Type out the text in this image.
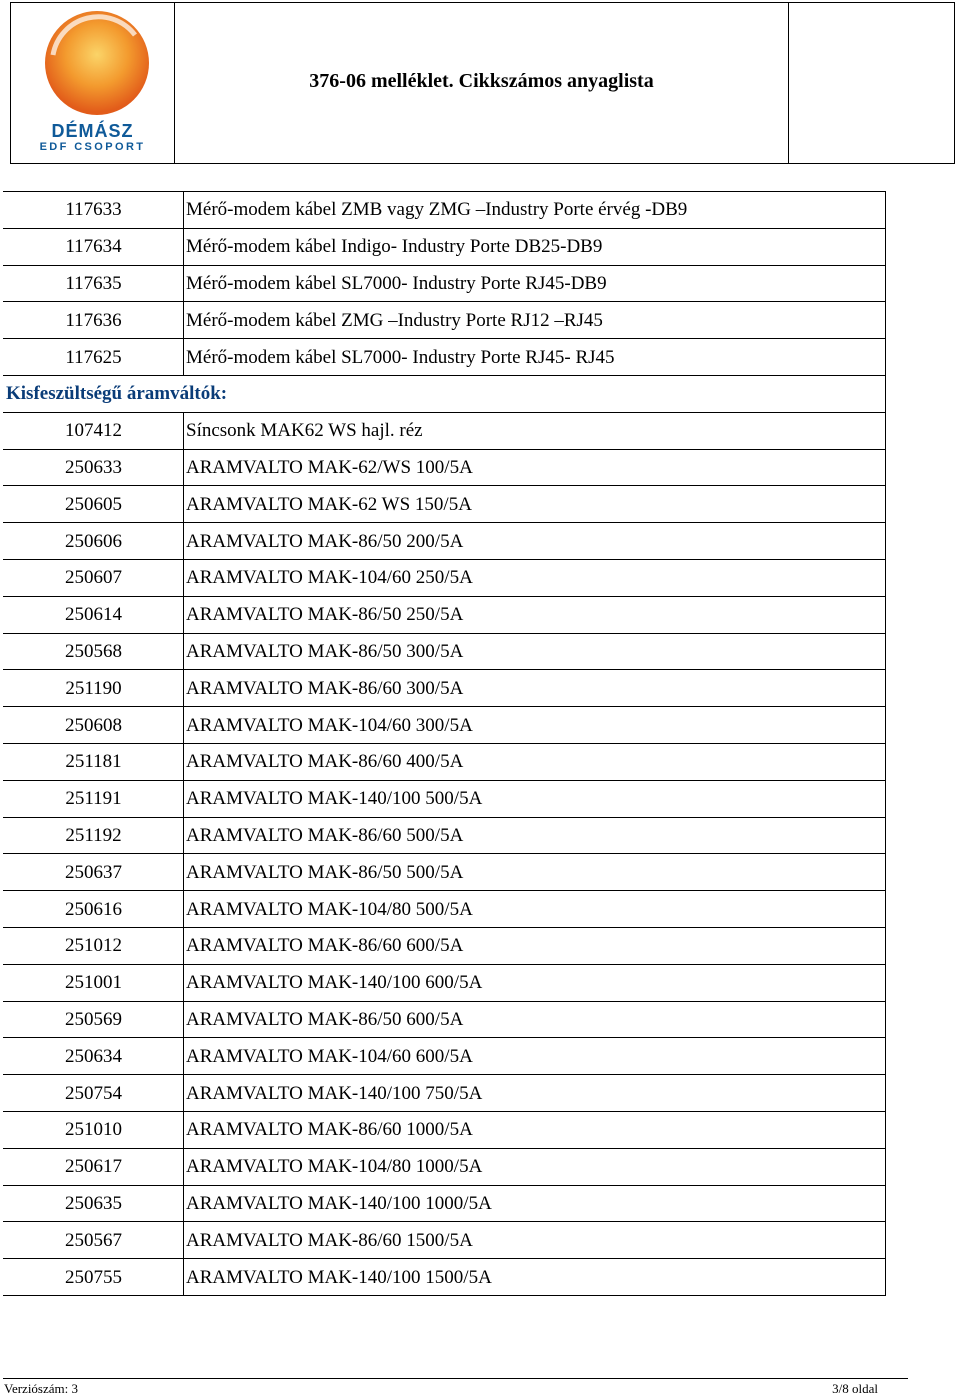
DÉMÁSZ
EDF CSOPORT
	376-06 melléklet. Cikkszámos anyaglista	
117633	Mérő-modem kábel ZMB vagy ZMG –Industry Porte érvég -DB9
117634	Mérő-modem kábel Indigo- Industry Porte DB25-DB9
117635	Mérő-modem kábel SL7000- Industry Porte RJ45-DB9
117636	Mérő-modem kábel ZMG –Industry Porte RJ12 –RJ45
117625	Mérő-modem kábel SL7000- Industry Porte RJ45- RJ45
Kisfeszültségű áramváltók:	
107412	Síncsonk MAK62 WS hajl. réz
250633	ARAMVALTO MAK-62/WS 100/5A
250605	ARAMVALTO MAK-62 WS 150/5A
250606	ARAMVALTO MAK-86/50 200/5A
250607	ARAMVALTO MAK-104/60 250/5A
250614	ARAMVALTO MAK-86/50 250/5A
250568	ARAMVALTO MAK-86/50 300/5A
251190	ARAMVALTO MAK-86/60 300/5A
250608	ARAMVALTO MAK-104/60 300/5A
251181	ARAMVALTO MAK-86/60 400/5A
251191	ARAMVALTO MAK-140/100 500/5A
251192	ARAMVALTO MAK-86/60 500/5A
250637	ARAMVALTO MAK-86/50 500/5A
250616	ARAMVALTO MAK-104/80 500/5A
251012	ARAMVALTO MAK-86/60 600/5A
251001	ARAMVALTO MAK-140/100 600/5A
250569	ARAMVALTO MAK-86/50 600/5A
250634	ARAMVALTO MAK-104/60 600/5A
250754	ARAMVALTO MAK-140/100 750/5A
251010	ARAMVALTO MAK-86/60 1000/5A
250617	ARAMVALTO MAK-104/80 1000/5A
250635	ARAMVALTO MAK-140/100 1000/5A
250567	ARAMVALTO MAK-86/60 1500/5A
250755	ARAMVALTO MAK-140/100 1500/5A
Verziószám: 3	3/8 oldal
